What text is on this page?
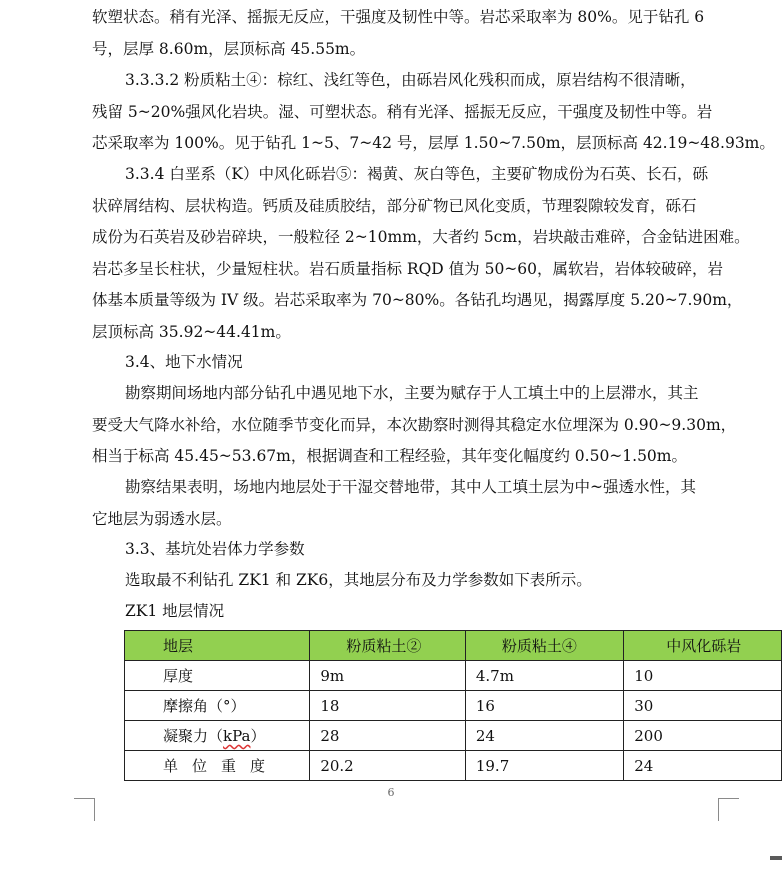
软塑状态。稍有光泽、摇振无反应，干强度及韧性中等。岩芯采取率为 80%。见于钻孔 6
号，层厚 8.60m，层顶标高 45.55m。
3.3.3.2 粉质粘土④：棕红、浅红等色，由砾岩风化残积而成，原岩结构不很清晰，
残留 5~20%强风化岩块。湿、可塑状态。稍有光泽、摇振无反应，干强度及韧性中等。岩
芯采取率为 100%。见于钻孔 1~5、7~42 号，层厚 1.50~7.50m，层顶标高 42.19~48.93m。
3.3.4 白垩系（K）中风化砾岩⑤：褐黄、灰白等色，主要矿物成份为石英、长石，砾
状碎屑结构、层状构造。钙质及硅质胶结，部分矿物已风化变质，节理裂隙较发育，砾石
成份为石英岩及砂岩碎块，一般粒径 2~10mm，大者约 5cm，岩块敲击难碎，合金钻进困难。
岩芯多呈长柱状，少量短柱状。岩石质量指标 RQD 值为 50~60，属软岩，岩体较破碎，岩
体基本质量等级为 IV 级。岩芯采取率为 70~80%。各钻孔均遇见，揭露厚度 5.20~7.90m，
层顶标高 35.92~44.41m。
3.4、地下水情况
勘察期间场地内部分钻孔中遇见地下水，主要为赋存于人工填土中的上层滞水，其主
要受大气降水补给，水位随季节变化而异，本次勘察时测得其稳定水位埋深为 0.90~9.30m，
相当于标高 45.45~53.67m，根据调查和工程经验，其年变化幅度约 0.50~1.50m。
勘察结果表明，场地内地层处于干湿交替地带，其中人工填土层为中~强透水性，其
它地层为弱透水层。
3.3、基坑处岩体力学参数
选取最不利钻孔 ZK1 和 ZK6，其地层分布及力学参数如下表所示。
ZK1 地层情况
地层	粉质粘土②	粉质粘土④	中风化砾岩
厚度	9m	4.7m	10
摩擦角（°）	18	16	30
凝聚力（kPa）	28	24	200
单位重度	20.2	19.7	24
6
